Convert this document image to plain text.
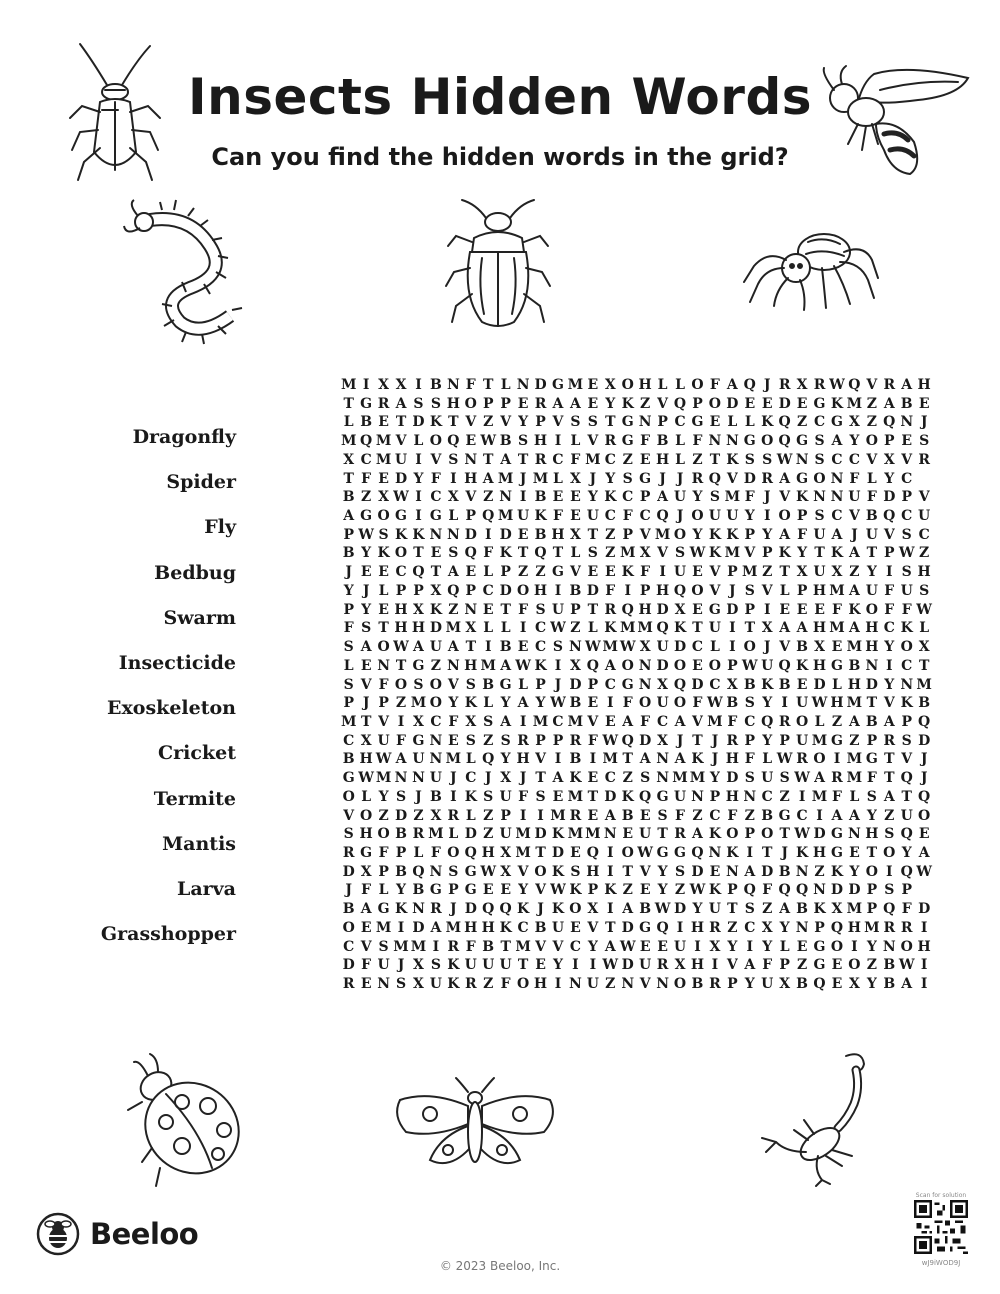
Insects Hidden Words

Can you find the hidden words in the grid?

Dragonfly
Spider
Fly
Bedbug
Swarm
Insecticide
Exoskeleton
Cricket
Termite
Mantis
Larva
Grasshopper
M I X X I B N F T L N D G M E X O H L L O F A Q J R X R W Q V R A H
T G R A S S H O P P E R A A E Y K Z V Q P O D E E D E G K M Z A B E
L B E T D K T V Z V Y P V S S T G N P C G E L L K Q Z C G X Z Q N J
M Q M V L O Q E W B S H I L V R G F B L F N N G O Q G S A Y O P E S
X C M U I V S N T A T R C F M C Z E H L Z T K S S W N S C C V X V R
T F E D Y F I H A M J M L X J Y S G J J R Q V D R A G O N F L Y C
B Z X W I C X V Z N I B E E Y K C P A U Y S M F J V K N N U F D P V
A G O G I G L P Q M U K F E U C F C Q J O U U Y I O P S C V B Q C U
P W S K K N N D I D E B H X T Z P V M O Y K K P Y A F U A J U V S C
B Y K O T E S Q F K T Q T L S Z M X V S W K M V P K Y T K A T P W Z
J E E C Q T A E L P Z Z G V E E K F I U E V P M Z T X U X Z Y I S H
Y J L P P X Q P C D O H I B D F I P H Q O V J S V L P H M A U F U S
P Y E H X K Z N E T F S U P T R Q H D X E G D P I E E E F K O F F W
F S T H H D M X L L I C W Z L K M M Q K T U I T X A A H M A H C K L
S A O W A U A T I B E C S N W M W X U D C L I O J V B X E M H Y O X
L E N T G Z N H M A W K I X Q A O N D O E O P W U Q K H G B N I C T
S V F O S O V S B G L P J D P C G N X Q D C X B K B E D L H D Y N M
P J P Z M O Y K L Y A Y W B E I F O U O F W B S Y I U W H M T V K B
M T V I X C F X S A I M C M V E A F C A V M F C Q R O L Z A B A P Q
C X U F G N E S Z S R P P R F W Q D X J T J R P Y P U M G Z P R S D
B H W A U N M L Q Y H V I B I M T A N A K J H F L W R O I M G T V J
G W M N N U J C J X J T A K E C Z S N M M Y D S U S W A R M F T Q J
O L Y S J B I K S U F S E M T D K Q G U N P H N C Z I M F L S A T Q
V O Z D Z X R L Z P I I M R E A B E S F Z C F Z B G C I A A Y Z U O
S H O B R M L D Z U M D K M M N E U T R A K O P O T W D G N H S Q E
R G F P L F O Q H X M T D E Q I O W G G Q N K I T J K H G E T O Y A
D X P B Q N S G W X V O K S H I T V Y S D E N A D B N Z K Y O I Q W
J F L Y B G P G E E Y V W K P K Z E Y Z W K P Q F Q Q N D D P S P
B A G K N R J D Q Q K J K O X I A B W D Y U T S Z A B K X M P Q F D
O E M I D A M H H K C B U E V T D G Q I H R Z C X Y N P Q H M R R I
C V S M M I R F B T M V V C Y A W E E U I X Y I Y L E G O I Y N O H
D F U J X S K U U U T E Y I I W D U R X H I V A F P Z G E O Z B W I
R E N S X U K R Z F O H I N U Z N V N O B R P Y U X B Q E X Y B A I
Beeloo
© 2023 Beeloo, Inc.
Scan for solution
wJ9iWOD9J
